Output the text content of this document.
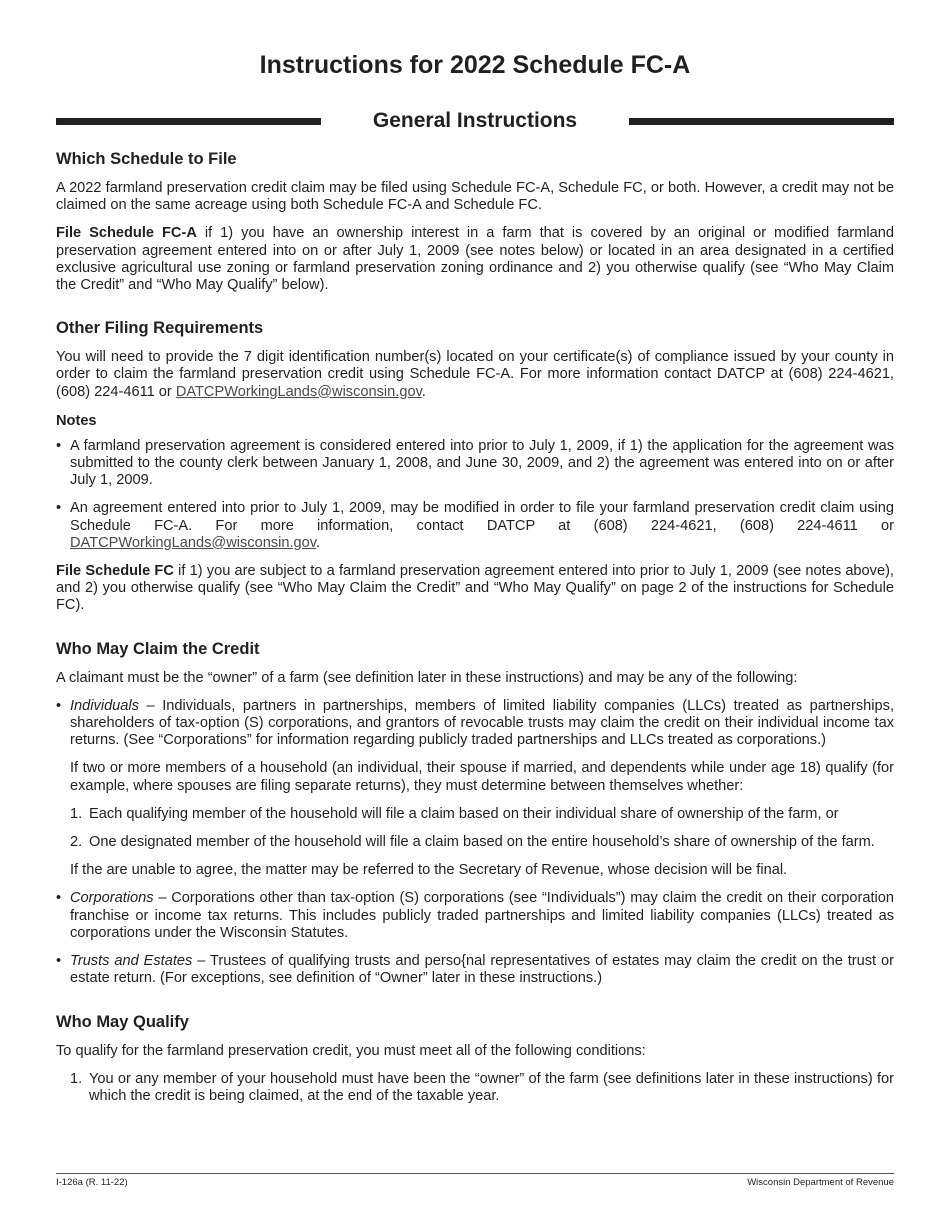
Instructions for 2022 Schedule FC-A
General Instructions
Which Schedule to File

A 2022 farmland preservation credit claim may be filed using Schedule FC-A, Schedule FC, or both. However, a credit may not be claimed on the same acreage using both Schedule FC-A and Schedule FC.

File Schedule FC-A if 1) you have an ownership interest in a farm that is covered by an original or modified farmland preservation agreement entered into on or after July 1, 2009 (see notes below) or located in an area designated in a certified exclusive agricultural use zoning or farmland preservation zoning ordinance and 2) you otherwise qualify (see “Who May Claim the Credit” and “Who May Qualify” below).

Other Filing Requirements

You will need to provide the 7 digit identification number(s) located on your certificate(s) of compliance issued by your county in order to claim the farmland preservation credit using Schedule FC-A. For more information contact DATCP at (608) 224-4621, (608) 224-4611 or DATCPWorkingLands@wisconsin.gov.

Notes
• A farmland preservation agreement is considered entered into prior to July 1, 2009, if 1) the application for the agreement was submitted to the county clerk between January 1, 2008, and June 30, 2009, and 2) the agreement was entered into on or after July 1, 2009.
• An agreement entered into prior to July 1, 2009, may be modified in order to file your farmland preservation credit claim using Schedule FC-A. For more information, contact DATCP at (608) 224-4621, (608) 224-4611 or DATCPWorkingLands@wisconsin.gov.

File Schedule FC if 1) you are subject to a farmland preservation agreement entered into prior to July 1, 2009 (see notes above), and 2) you otherwise qualify (see “Who May Claim the Credit” and “Who May Qualify” on page 2 of the instructions for Schedule FC).

Who May Claim the Credit

A claimant must be the “owner” of a farm (see definition later in these instructions) and may be any of the following:

• Individuals – Individuals, partners in partnerships, members of limited liability companies (LLCs) treated as partnerships, shareholders of tax-option (S) corporations, and grantors of revocable trusts may claim the credit on their individual income tax returns. (See “Corporations” for information regarding publicly traded partnerships and LLCs treated as corporations.)

If two or more members of a household (an individual, their spouse if married, and dependents while under age 18) qualify (for example, where spouses are filing separate returns), they must determine between themselves whether:

1. Each qualifying member of the household will file a claim based on their individual share of ownership of the farm, or
2. One designated member of the household will file a claim based on the entire household’s share of ownership of the farm.

If the are unable to agree, the matter may be referred to the Secretary of Revenue, whose decision will be final.

• Corporations – Corporations other than tax-option (S) corporations (see “Individuals”) may claim the credit on their corporation franchise or income tax returns. This includes publicly traded partnerships and limited liability companies (LLCs) treated as corporations under the Wisconsin Statutes.
• Trusts and Estates – Trustees of qualifying trusts and perso{nal representatives of estates may claim the credit on the trust or estate return. (For exceptions, see definition of “Owner” later in these instructions.)
Who May Qualify

To qualify for the farmland preservation credit, you must meet all of the following conditions:

1. You or any member of your household must have been the “owner” of the farm (see definitions later in these instructions) for which the credit is being claimed, at the end of the taxable year.
I-126a (R. 11-22)	Wisconsin Department of Revenue
